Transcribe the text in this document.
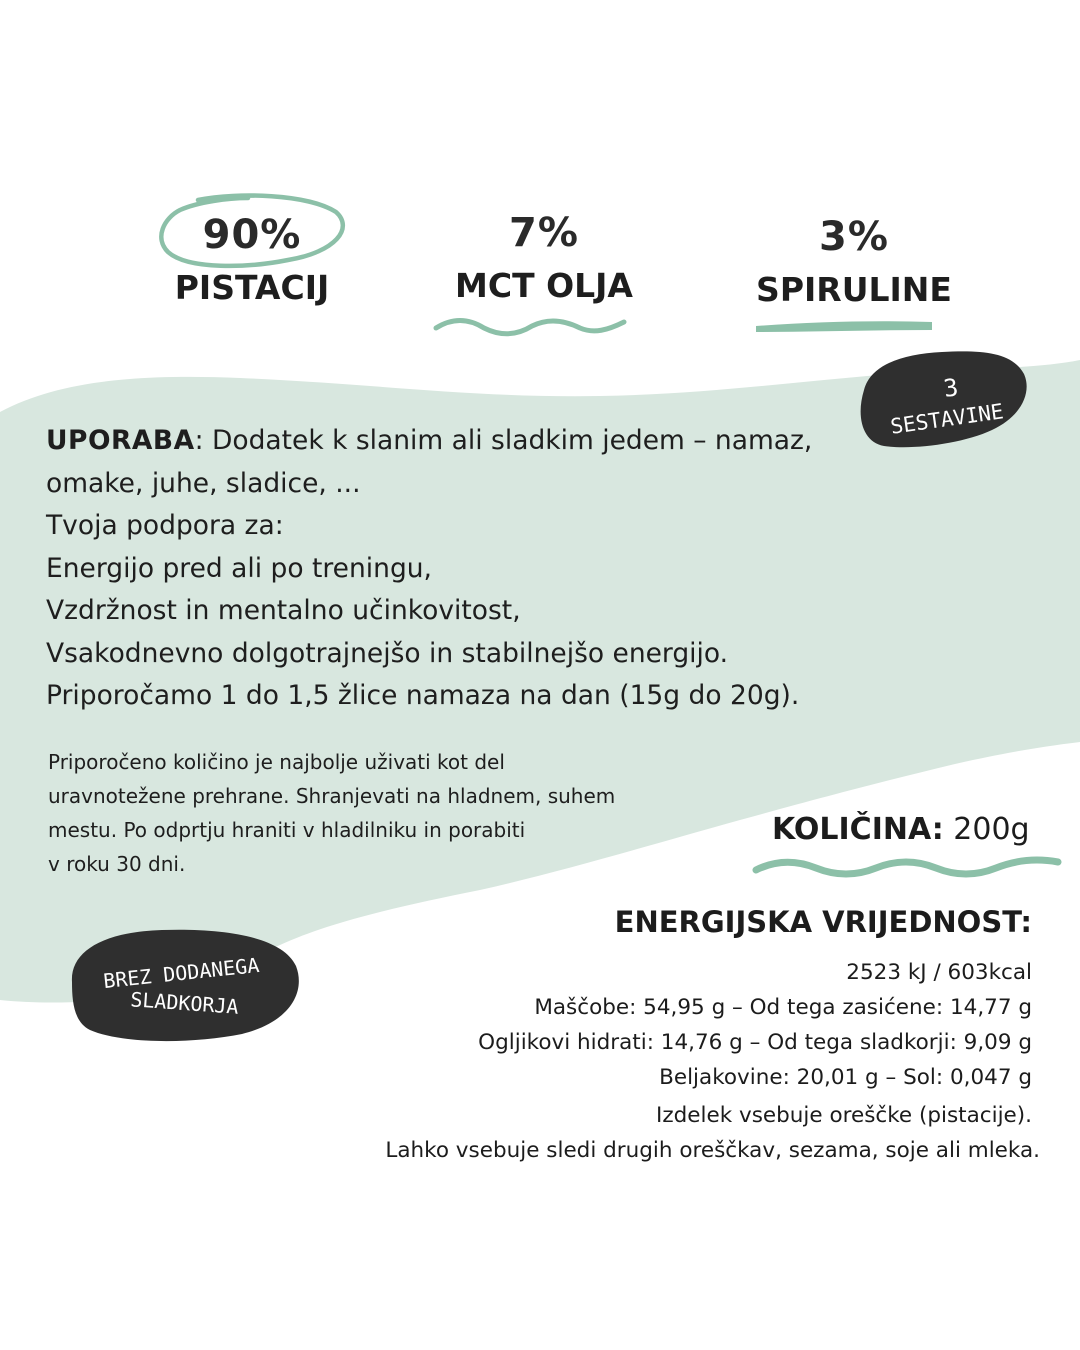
90%
PISTACIJ
7%
MCT OLJA
3%
SPIRULINE
3
SESTAVINE
UPORABA: Dodatek k slanim ali sladkim jedem – namaz,
omake, juhe, sladice, ...
Tvoja podpora za:
Energijo pred ali po treningu,
Vzdržnost in mentalno učinkovitost,
Vsakodnevno dolgotrajnejšo in stabilnejšo energijo.
Priporočamo 1 do 1,5 žlice namaza na dan (15g do 20g).
Priporočeno količino je najbolje uživati kot del
uravnotežene prehrane. Shranjevati na hladnem, suhem
mestu. Po odprtju hraniti v hladilniku in porabiti
v roku 30 dni.
KOLIČINA: 200g
BREZ DODANEGA
SLADKORJA
ENERGIJSKA VRIJEDNOST:
2523 kJ / 603kcal
Maščobe: 54,95 g – Od tega zasićene: 14,77 g
Ogljikovi hidrati: 14,76 g – Od tega sladkorji: 9,09 g
Beljakovine: 20,01 g – Sol: 0,047 g
Izdelek vsebuje oreščke (pistacije).
Lahko vsebuje sledi drugih oreščkav, sezama, soje ali mleka.
